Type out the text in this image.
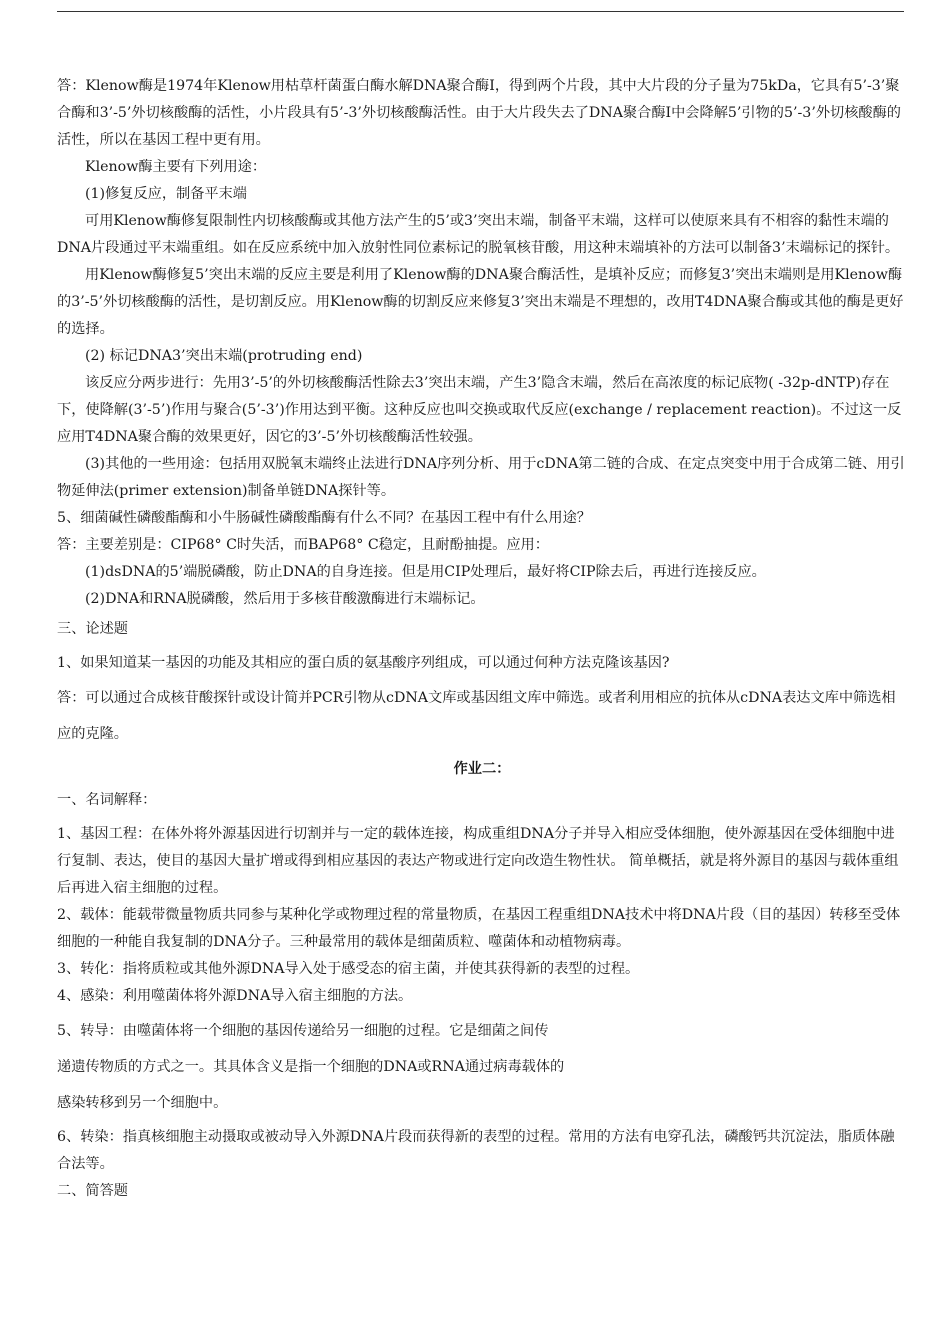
答：Klenow酶是1974年Klenow用枯草杆菌蛋白酶水解DNA聚合酶I，得到两个片段，其中大片段的分子量为75kDa，它具有5’-3’聚合酶和3’-5’外切核酸酶的活性，小片段具有5’-3’外切核酸酶活性。由于大片段失去了DNA聚合酶I中会降解5’引物的5’-3’外切核酸酶的活性，所以在基因工程中更有用。

Klenow酶主要有下列用途：

(1)修复反应，制备平末端

可用Klenow酶修复限制性内切核酸酶或其他方法产生的5’或3’突出末端，制备平末端，这样可以使原来具有不相容的黏性末端的DNA片段通过平末端重组。如在反应系统中加入放射性同位素标记的脱氧核苷酸，用这种末端填补的方法可以制备3’末端标记的探针。

用Klenow酶修复5’突出末端的反应主要是利用了Klenow酶的DNA聚合酶活性，是填补反应；而修复3’突出末端则是用Klenow酶的3’-5’外切核酸酶的活性，是切割反应。用Klenow酶的切割反应来修复3’突出末端是不理想的，改用T4DNA聚合酶或其他的酶是更好的选择。

(2) 标记DNA3’突出末端(protruding end)

该反应分两步进行：先用3’-5’的外切核酸酶活性除去3’突出末端，产生3’隐含末端，然后在高浓度的标记底物( -32p-dNTP)存在下，使降解(3’-5’)作用与聚合(5’-3’)作用达到平衡。这种反应也叫交换或取代反应(exchange / replacement reaction)。不过这一反应用T4DNA聚合酶的效果更好，因它的3’-5’外切核酸酶活性较强。

(3)其他的一些用途：包括用双脱氧末端终止法进行DNA序列分析、用于cDNA第二链的合成、在定点突变中用于合成第二链、用引物延伸法(primer extension)制备单链DNA探针等。

5、细菌碱性磷酸酯酶和小牛肠碱性磷酸酯酶有什么不同？在基因工程中有什么用途？

答：主要差别是：CIP68° C时失活，而BAP68° C稳定，且耐酚抽提。应用：

(1)dsDNA的5’端脱磷酸，防止DNA的自身连接。但是用CIP处理后，最好将CIP除去后，再进行连接反应。

(2)DNA和RNA脱磷酸，然后用于多核苷酸激酶进行末端标记。

三、论述题

1、如果知道某一基因的功能及其相应的蛋白质的氨基酸序列组成，可以通过何种方法克隆该基因?

答：可以通过合成核苷酸探针或设计简并PCR引物从cDNA文库或基因组文库中筛选。或者利用相应的抗体从cDNA表达文库中筛选相应的克隆。

作业二：

一、名词解释：

1、基因工程：在体外将外源基因进行切割并与一定的载体连接，构成重组DNA分子并导入相应受体细胞，使外源基因在受体细胞中进行复制、表达，使目的基因大量扩增或得到相应基因的表达产物或进行定向改造生物性状。 简单概括，就是将外源目的基因与载体重组后再进入宿主细胞的过程。

2、载体：能载带微量物质共同参与某种化学或物理过程的常量物质，在基因工程重组DNA技术中将DNA片段（目的基因）转移至受体细胞的一种能自我复制的DNA分子。三种最常用的载体是细菌质粒、噬菌体和动植物病毒。

3、转化：指将质粒或其他外源DNA导入处于感受态的宿主菌，并使其获得新的表型的过程。

4、感染：利用噬菌体将外源DNA导入宿主细胞的方法。

5、转导：由噬菌体将一个细胞的基因传递给另一细胞的过程。它是细菌之间传

递遗传物质的方式之一。其具体含义是指一个细胞的DNA或RNA通过病毒载体的

感染转移到另一个细胞中。

6、转染：指真核细胞主动摄取或被动导入外源DNA片段而获得新的表型的过程。常用的方法有电穿孔法，磷酸钙共沉淀法，脂质体融合法等。

二、简答题
